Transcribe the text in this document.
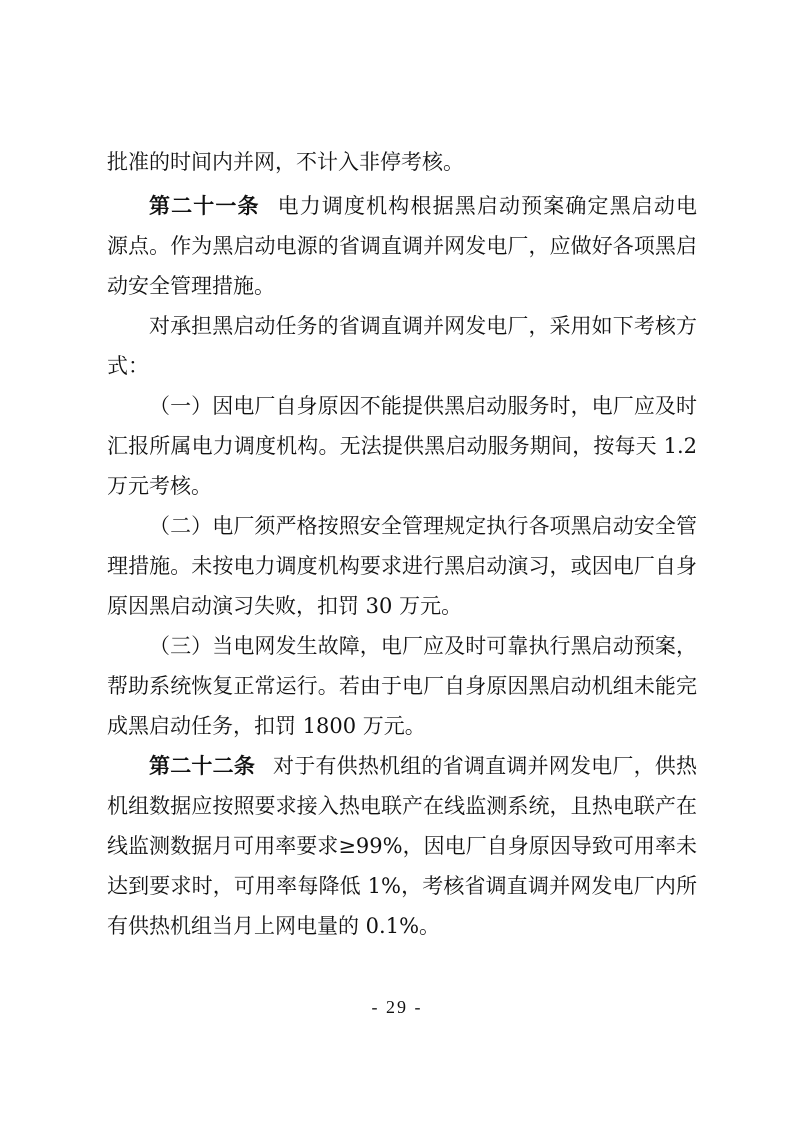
批准的时间内并网，不计入非停考核。
第二十一条 电力调度机构根据黑启动预案确定黑启动电
源点。作为黑启动电源的省调直调并网发电厂，应做好各项黑启
动安全管理措施。
对承担黑启动任务的省调直调并网发电厂，采用如下考核方
式：
（一）因电厂自身原因不能提供黑启动服务时，电厂应及时
汇报所属电力调度机构。无法提供黑启动服务期间，按每天 1.2
万元考核。
（二）电厂须严格按照安全管理规定执行各项黑启动安全管
理措施。未按电力调度机构要求进行黑启动演习，或因电厂自身
原因黑启动演习失败，扣罚 30 万元。
（三）当电网发生故障，电厂应及时可靠执行黑启动预案，
帮助系统恢复正常运行。若由于电厂自身原因黑启动机组未能完
成黑启动任务，扣罚 1800 万元。
第二十二条 对于有供热机组的省调直调并网发电厂，供热
机组数据应按照要求接入热电联产在线监测系统，且热电联产在
线监测数据月可用率要求≥99%，因电厂自身原因导致可用率未
达到要求时，可用率每降低 1%，考核省调直调并网发电厂内所
有供热机组当月上网电量的 0.1%。
- 29 -
